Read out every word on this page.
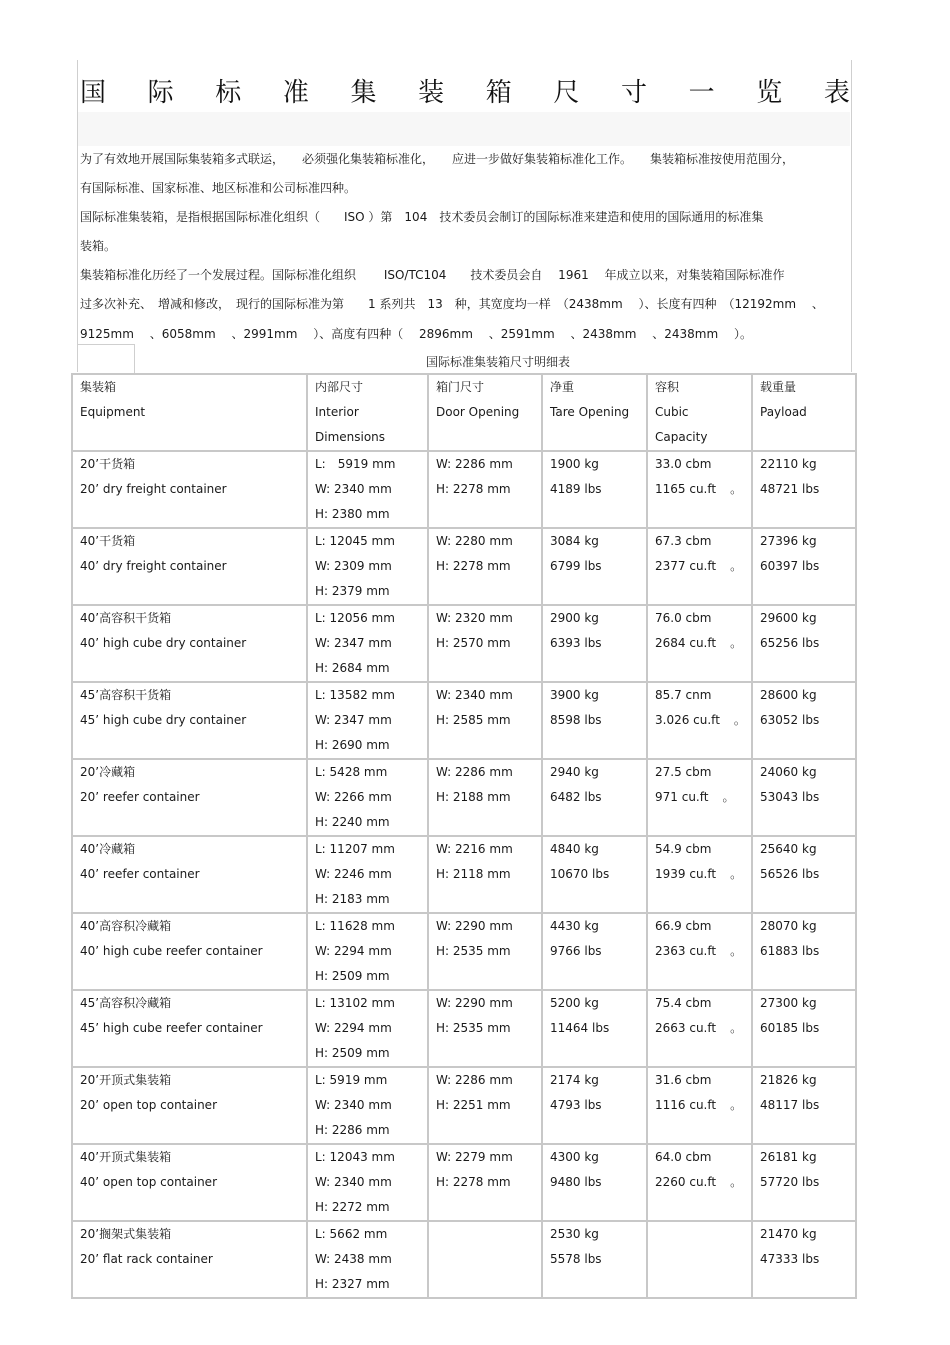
国 际 标 准 集 装 箱 尺 寸 一 览 表
为了有效地开展国际集装箱多式联运，　　必须强化集装箱标准化，　　应进一步做好集装箱标准化工作。　　集装箱标准按使用范围分，
有国际标准、国家标准、地区标准和公司标准四种。
国际标准集装箱，是指根据国际标准化组织（　　ISO ）第　104　技术委员会制订的国际标准来建造和使用的国际通用的标准集
装箱。
集装箱标准化历经了一个发展过程。国际标准化组织　　 ISO/TC104　　技术委员会自　 1961　 年成立以来，对集装箱国际标准作
过多次补充、　增减和修改，　现行的国际标准为第　　1 系列共　13　种，其宽度均一样　（2438mm　 ）、长度有四种　（12192mm　 、
9125mm　 、6058mm　 、2991mm　 ）、高度有四种（　 2896mm　 、2591mm　 、2438mm　 、2438mm　 ）。
国际标准集装箱尺寸明细表
集装箱
Equipment	内部尺寸
Interior
Dimensions	箱门尺寸
Door Opening	净重
Tare Opening	容积
Cubic
Capacity	载重量
Payload

20’干货箱
20’ dry freight container	L:　5919 mm
W: 2340 mm
H: 2380 mm	W: 2286 mm
H: 2278 mm	1900 kg
4189 lbs	33.0 cbm
1165 cu.ft 。	22110 kg
48721 lbs

40’干货箱
40’ dry freight container	L: 12045 mm
W: 2309 mm
H: 2379 mm	W: 2280 mm
H: 2278 mm	3084 kg
6799 lbs	67.3 cbm
2377 cu.ft 。	27396 kg
60397 lbs

40’高容积干货箱
40’ high cube dry container	L: 12056 mm
W: 2347 mm
H: 2684 mm	W: 2320 mm
H: 2570 mm	2900 kg
6393 lbs	76.0 cbm
2684 cu.ft 。	29600 kg
65256 lbs

45’高容积干货箱
45’ high cube dry container	L: 13582 mm
W: 2347 mm
H: 2690 mm	W: 2340 mm
H: 2585 mm	3900 kg
8598 lbs	85.7 cnm
3.026 cu.ft 。	28600 kg
63052 lbs

20’冷藏箱
20’ reefer container	L: 5428 mm
W: 2266 mm
H: 2240 mm	W: 2286 mm
H: 2188 mm	2940 kg
6482 lbs	27.5 cbm
971 cu.ft 。	24060 kg
53043 lbs

40’冷藏箱
40’ reefer container	L: 11207 mm
W: 2246 mm
H: 2183 mm	W: 2216 mm
H: 2118 mm	4840 kg
10670 lbs	54.9 cbm
1939 cu.ft 。	25640 kg
56526 lbs

40’高容积冷藏箱
40’ high cube reefer container	L: 11628 mm
W: 2294 mm
H: 2509 mm	W: 2290 mm
H: 2535 mm	4430 kg
9766 lbs	66.9 cbm
2363 cu.ft 。	28070 kg
61883 lbs

45’高容积冷藏箱
45’ high cube reefer container	L: 13102 mm
W: 2294 mm
H: 2509 mm	W: 2290 mm
H: 2535 mm	5200 kg
11464 lbs	75.4 cbm
2663 cu.ft 。	27300 kg
60185 lbs

20’开顶式集装箱
20’ open top container	L: 5919 mm
W: 2340 mm
H: 2286 mm	W: 2286 mm
H: 2251 mm	2174 kg
4793 lbs	31.6 cbm
1116 cu.ft 。	21826 kg
48117 lbs

40’开顶式集装箱
40’ open top container	L: 12043 mm
W: 2340 mm
H: 2272 mm	W: 2279 mm
H: 2278 mm	4300 kg
9480 lbs	64.0 cbm
2260 cu.ft 。	26181 kg
57720 lbs

20’搁架式集装箱
20’ flat rack container	L: 5662 mm
W: 2438 mm
H: 2327 mm		2530 kg
5578 lbs		21470 kg
47333 lbs
